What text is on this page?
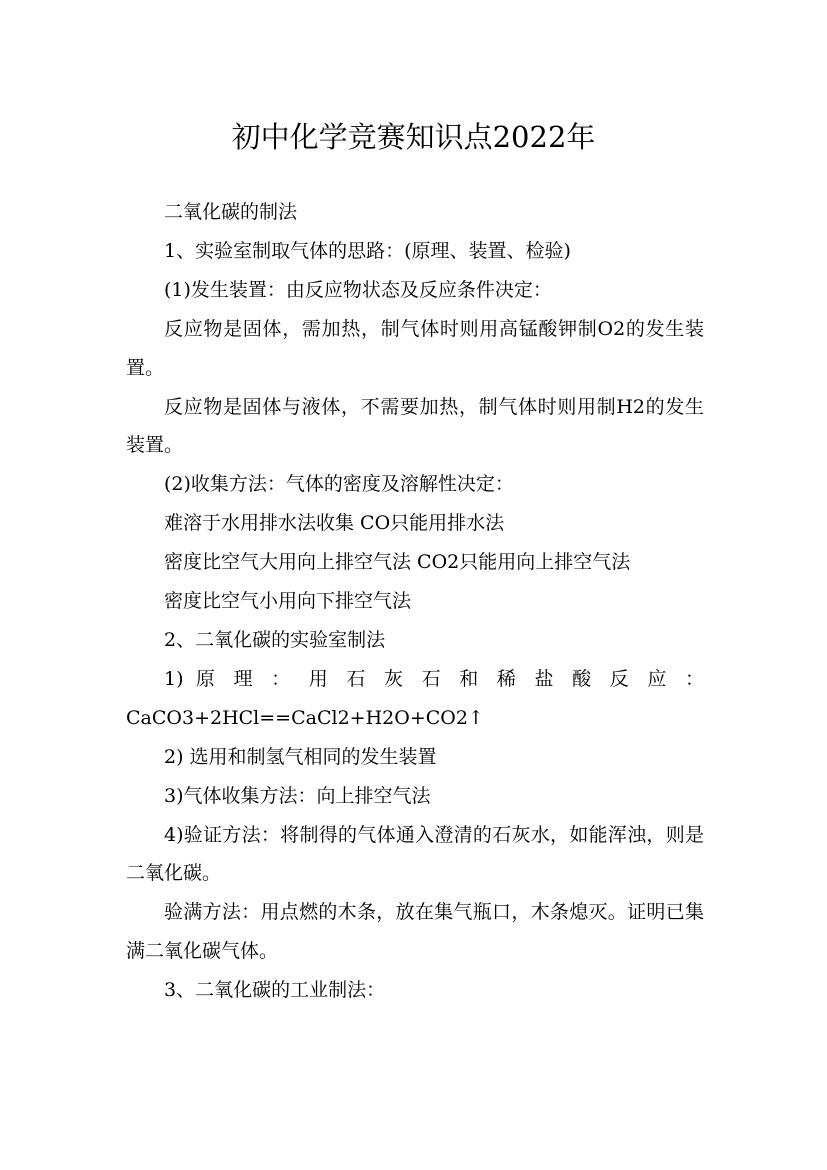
初中化学竞赛知识点2022年

二氧化碳的制法

1、实验室制取气体的思路：(原理、装置、检验)

(1)发生装置：由反应物状态及反应条件决定：

反应物是固体，需加热，制气体时则用高锰酸钾制O2的发生装置。

反应物是固体与液体，不需要加热，制气体时则用制H2的发生装置。

(2)收集方法：气体的密度及溶解性决定：

难溶于水用排水法收集 CO只能用排水法

密度比空气大用向上排空气法 CO2只能用向上排空气法

密度比空气小用向下排空气法

2、二氧化碳的实验室制法

1) 原 理 ： 用 石 灰 石 和 稀 盐 酸 反 应 ：

CaCO3+2HCl==CaCl2+H2O+CO2↑

2) 选用和制氢气相同的发生装置

3)气体收集方法：向上排空气法

4)验证方法：将制得的气体通入澄清的石灰水，如能浑浊，则是二氧化碳。

验满方法：用点燃的木条，放在集气瓶口，木条熄灭。证明已集满二氧化碳气体。

3、二氧化碳的工业制法：
